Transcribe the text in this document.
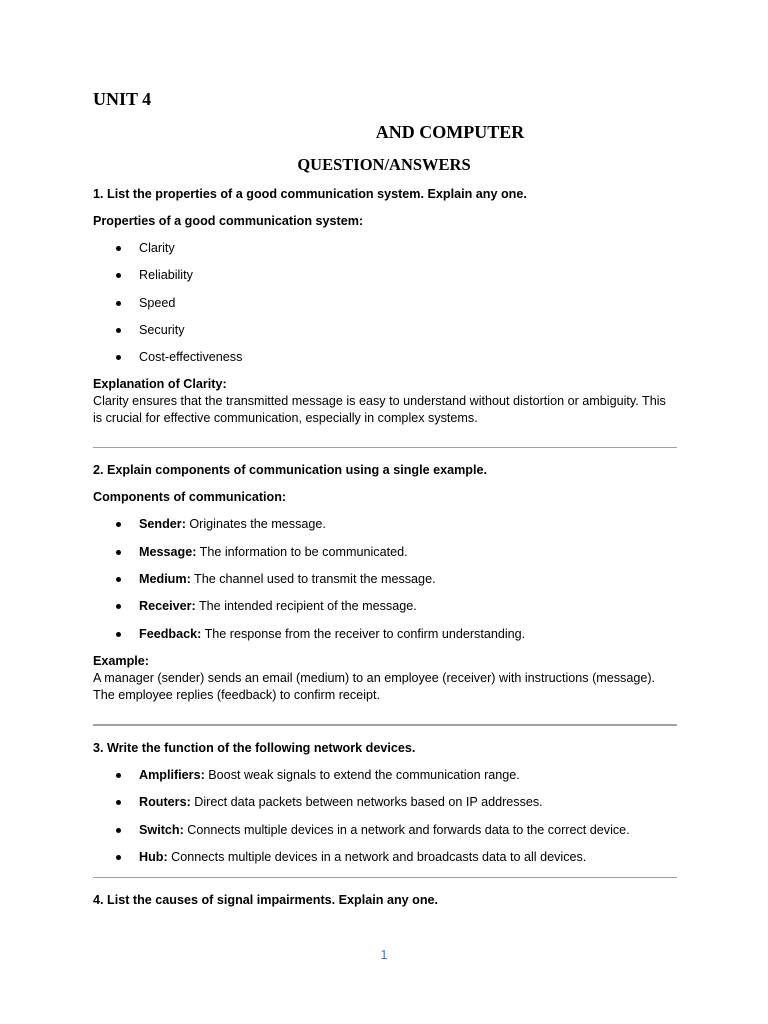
UNIT 4
AND COMPUTER
QUESTION/ANSWERS

1. List the properties of a good communication system. Explain any one.

Properties of a good communication system:

Clarity
Reliability
Speed
Security
Cost-effectiveness

Explanation of Clarity:

Clarity ensures that the transmitted message is easy to understand without distortion or ambiguity. This is crucial for effective communication, especially in complex systems.

2. Explain components of communication using a single example.

Components of communication:

Sender: Originates the message.
Message: The information to be communicated.
Medium: The channel used to transmit the message.
Receiver: The intended recipient of the message.
Feedback: The response from the receiver to confirm understanding.

Example:

A manager (sender) sends an email (medium) to an employee (receiver) with instructions (message). The employee replies (feedback) to confirm receipt.

3. Write the function of the following network devices.

Amplifiers: Boost weak signals to extend the communication range.
Routers: Direct data packets between networks based on IP addresses.
Switch: Connects multiple devices in a network and forwards data to the correct device.
Hub: Connects multiple devices in a network and broadcasts data to all devices.

4. List the causes of signal impairments. Explain any one.

1
